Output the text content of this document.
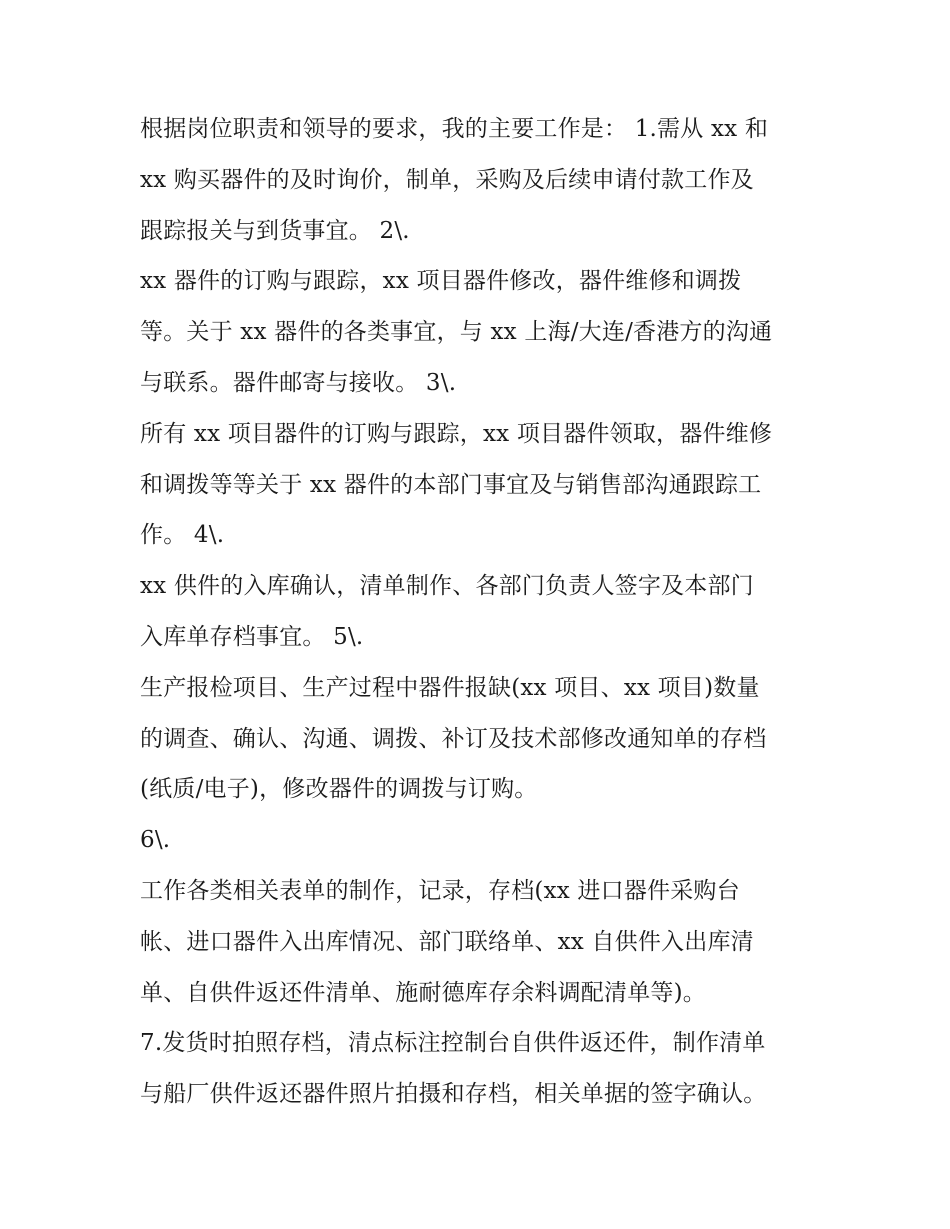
根据岗位职责和领导的要求，我的主要工作是： 1.需从 xx 和
xx 购买器件的及时询价，制单，采购及后续申请付款工作及
跟踪报关与到货事宜。 2\.
xx 器件的订购与跟踪，xx 项目器件修改，器件维修和调拨
等。关于 xx 器件的各类事宜，与 xx 上海/大连/香港方的沟通
与联系。器件邮寄与接收。 3\.
所有 xx 项目器件的订购与跟踪，xx 项目器件领取，器件维修
和调拨等等关于 xx 器件的本部门事宜及与销售部沟通跟踪工
作。 4\.
xx 供件的入库确认，清单制作、各部门负责人签字及本部门
入库单存档事宜。 5\.
生产报检项目、生产过程中器件报缺(xx 项目、xx 项目)数量
的调查、确认、沟通、调拨、补订及技术部修改通知单的存档
(纸质/电子)，修改器件的调拨与订购。
6\.
工作各类相关表单的制作，记录，存档(xx 进口器件采购台
帐、进口器件入出库情况、部门联络单、xx 自供件入出库清
单、自供件返还件清单、施耐德库存余料调配清单等)。
7.发货时拍照存档，清点标注控制台自供件返还件，制作清单
与船厂供件返还器件照片拍摄和存档，相关单据的签字确认。
